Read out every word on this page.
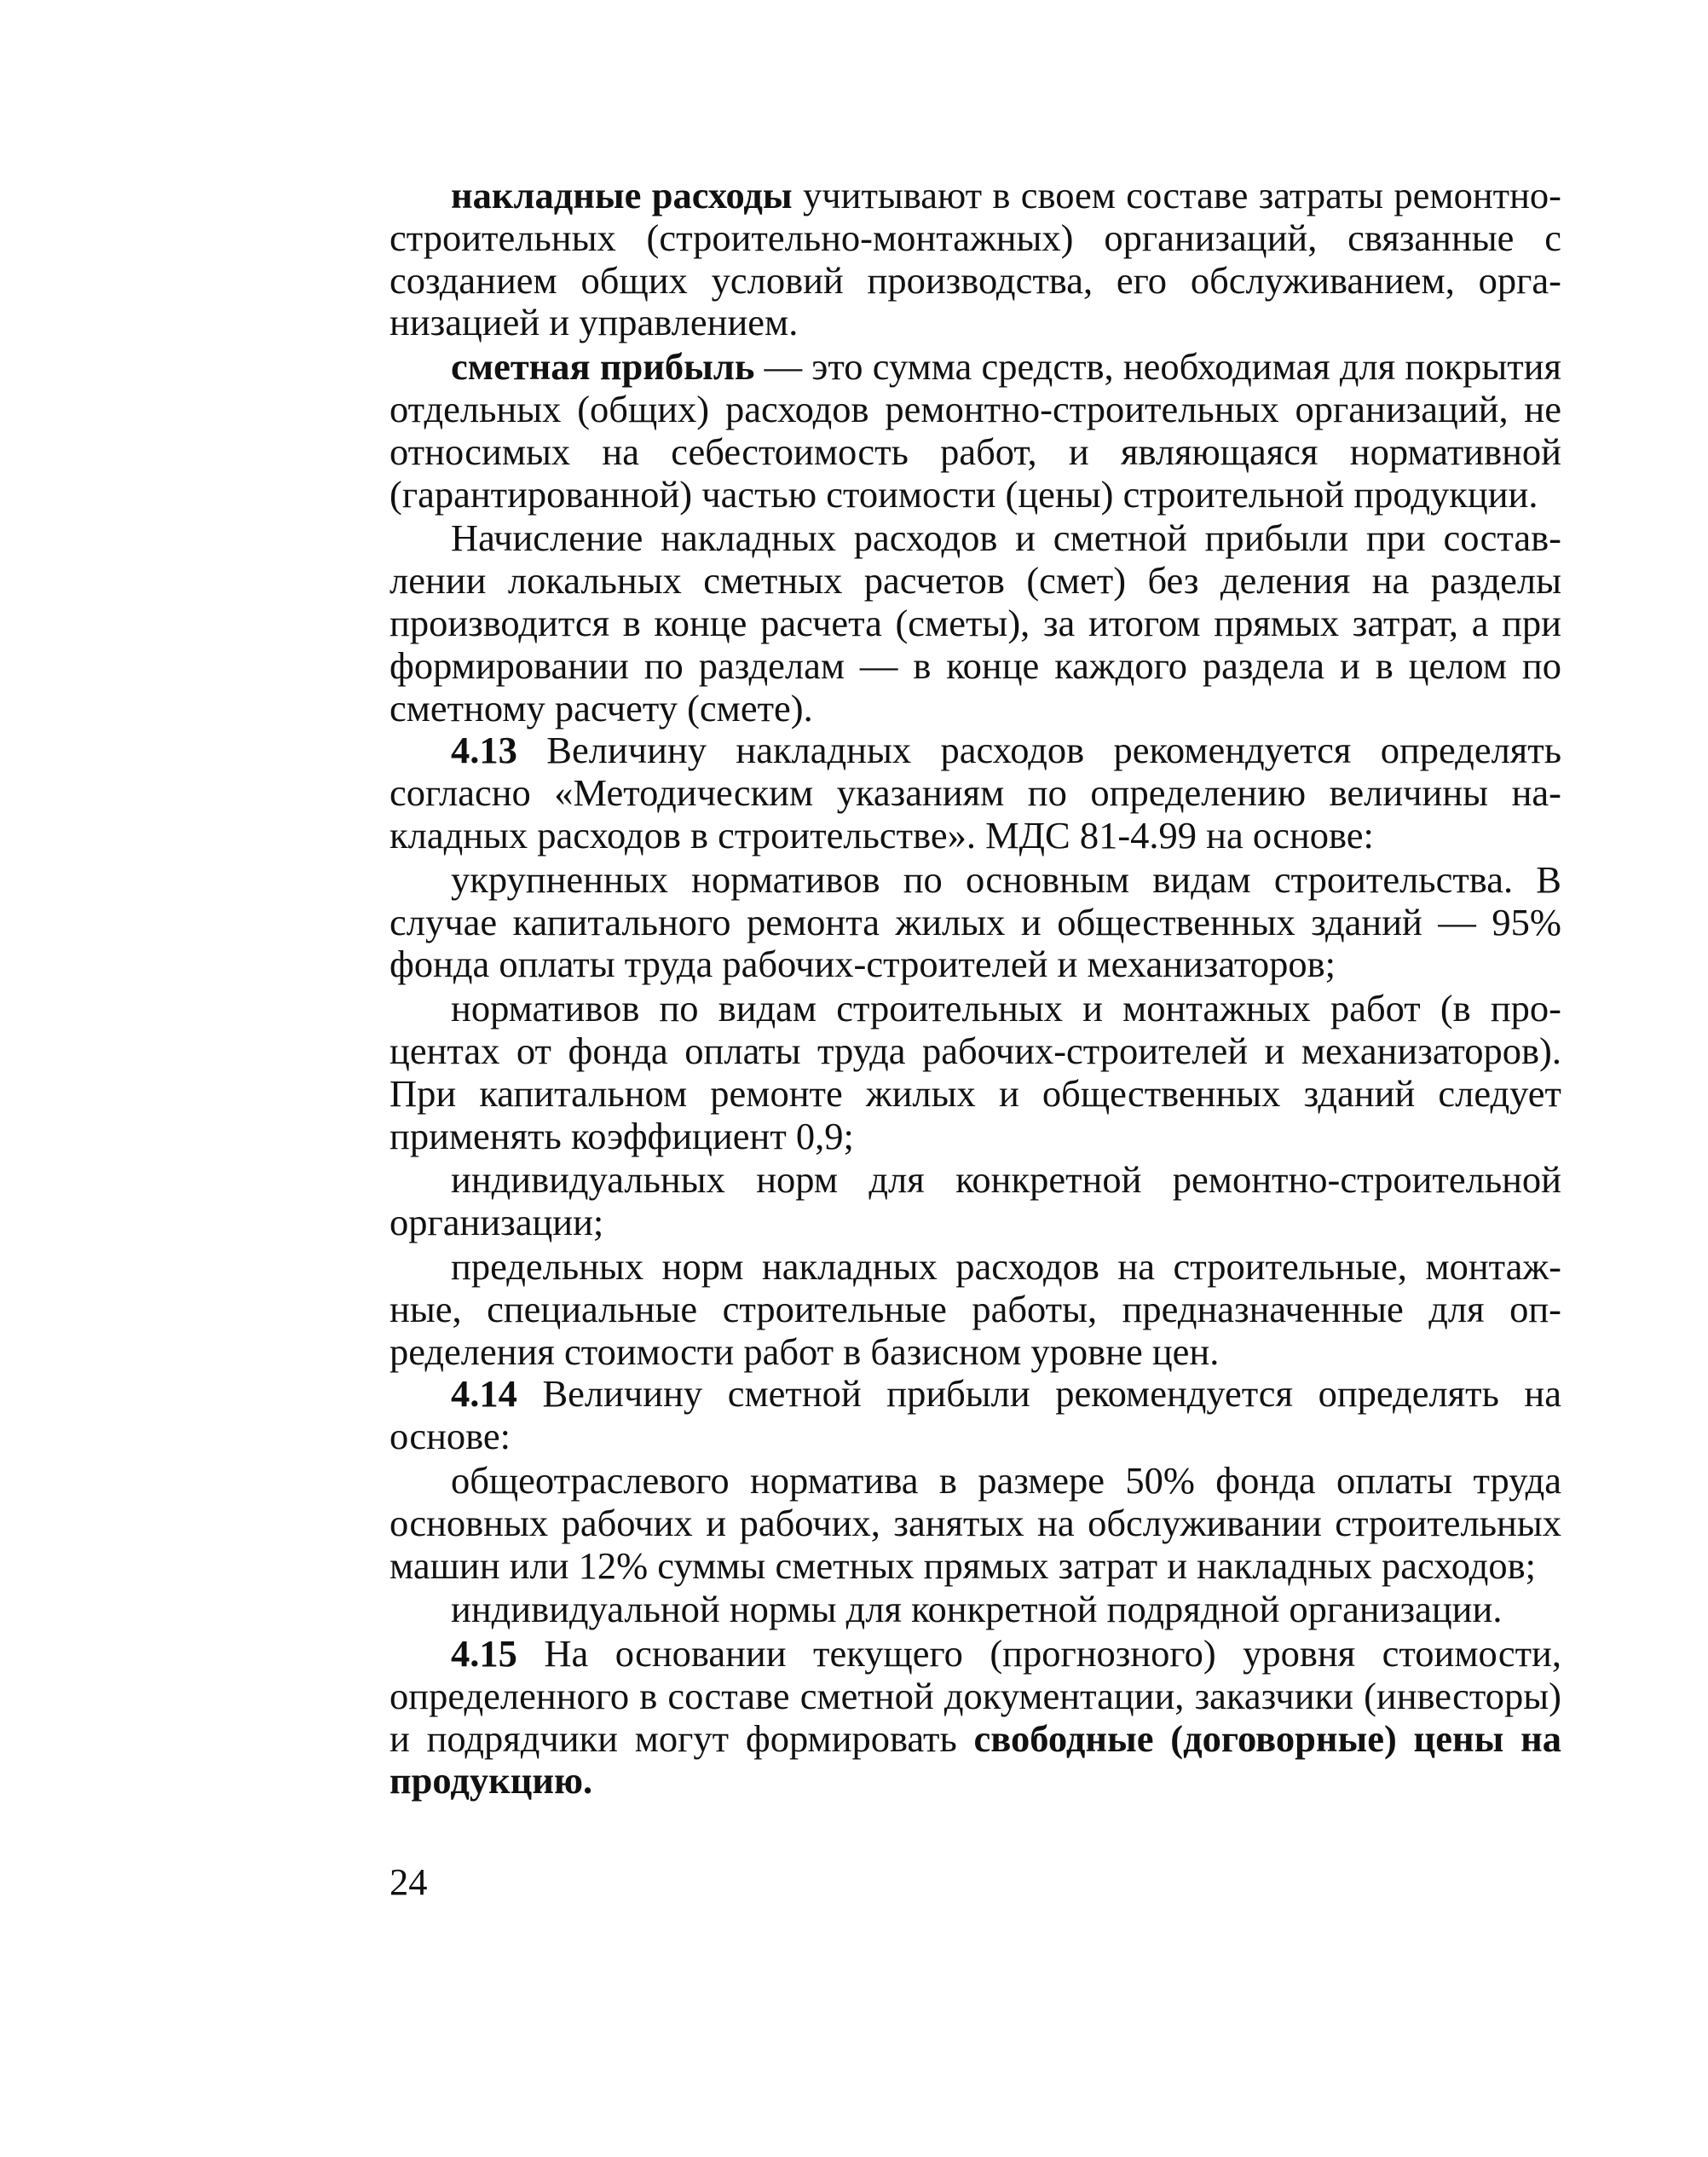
накладные расходы учитывают в своем составе затраты ремонтно-строительных (строительно-монтажных) организаций, связанные с созданием общих условий производства, его обслуживанием, организацией и управлением.

сметная прибыль — это сумма средств, необходимая для покрытия отдельных (общих) расходов ремонтно-строительных организаций, не относимых на себестоимость работ, и являющаяся нормативной (гарантированной) частью стоимости (цены) строительной продукции.

Начисление накладных расходов и сметной прибыли при составлении локальных сметных расчетов (смет) без деления на разделы производится в конце расчета (сметы), за итогом прямых затрат, а при формировании по разделам — в конце каждого раздела и в целом по сметному расчету (смете).

4.13 Величину накладных расходов рекомендуется определять согласно «Методическим указаниям по определению величины накладных расходов в строительстве». МДС 81-4.99 на основе:

укрупненных нормативов по основным видам строительства. В случае капитального ремонта жилых и общественных зданий — 95% фонда оплаты труда рабочих-строителей и механизаторов;

нормативов по видам строительных и монтажных работ (в процентах от фонда оплаты труда рабочих-строителей и механизаторов). При капитальном ремонте жилых и общественных зданий следует применять коэффициент 0,9;

индивидуальных норм для конкретной ремонтно-строительной организации;

предельных норм накладных расходов на строительные, монтажные, специальные строительные работы, предназначенные для определения стоимости работ в базисном уровне цен.

4.14 Величину сметной прибыли рекомендуется определять на основе:

общеотраслевого норматива в размере 50% фонда оплаты труда основных рабочих и рабочих, занятых на обслуживании строительных машин или 12% суммы сметных прямых затрат и накладных расходов;

индивидуальной нормы для конкретной подрядной организации.

4.15 На основании текущего (прогнозного) уровня стоимости, определенного в составе сметной документации, заказчики (инвесторы) и подрядчики могут формировать свободные (договорные) цены на продукцию.

24
